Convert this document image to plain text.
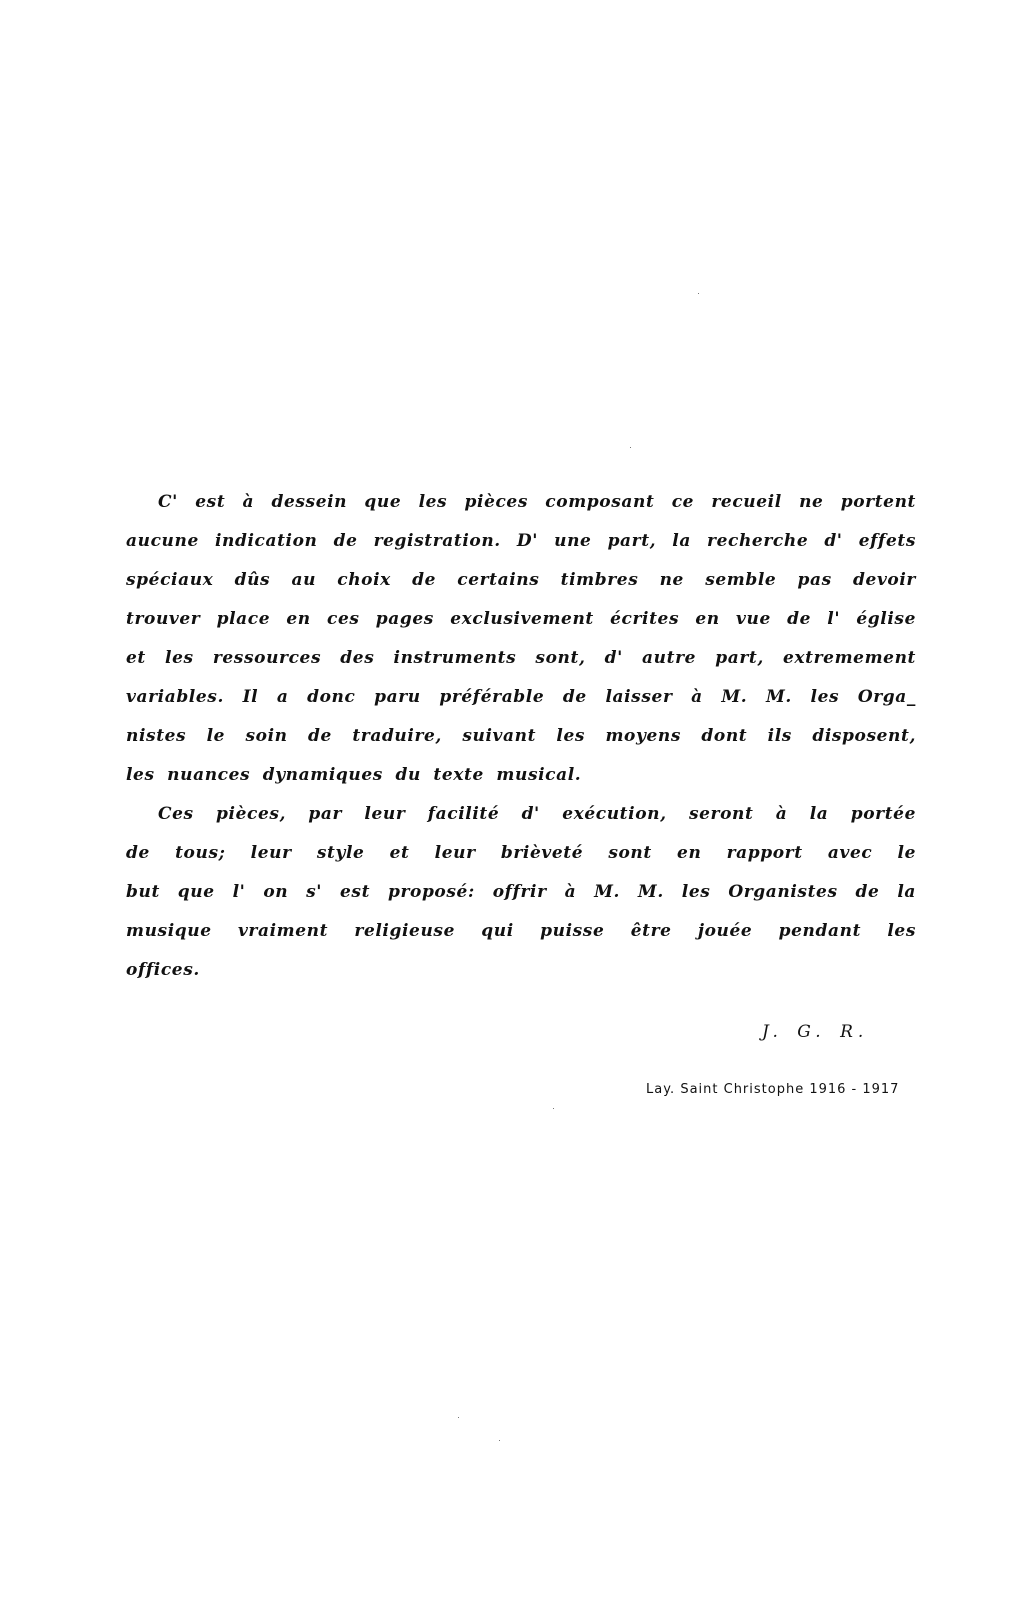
C' est à dessein que les pièces composant ce recueil ne portent
aucune indication de registration. D' une part, la recherche d' effets
spéciaux dûs au choix de certains timbres ne semble pas devoir
trouver place en ces pages exclusivement écrites en vue de l' église
et les ressources des instruments sont, d' autre part, extremement
variables. Il a donc paru préférable de laisser à M. M. les Orga_
nistes le soin de traduire, suivant les moyens dont ils disposent,
les nuances dynamiques du texte musical.
Ces pièces, par leur facilité d' exécution, seront à la portée
de tous; leur style et leur brièveté sont en rapport avec le
but que l' on s' est proposé: offrir à M. M. les Organistes de la
musique vraiment religieuse qui puisse être jouée pendant les
offices.
J. G. R.
Lay. Saint Christophe 1916 - 1917
